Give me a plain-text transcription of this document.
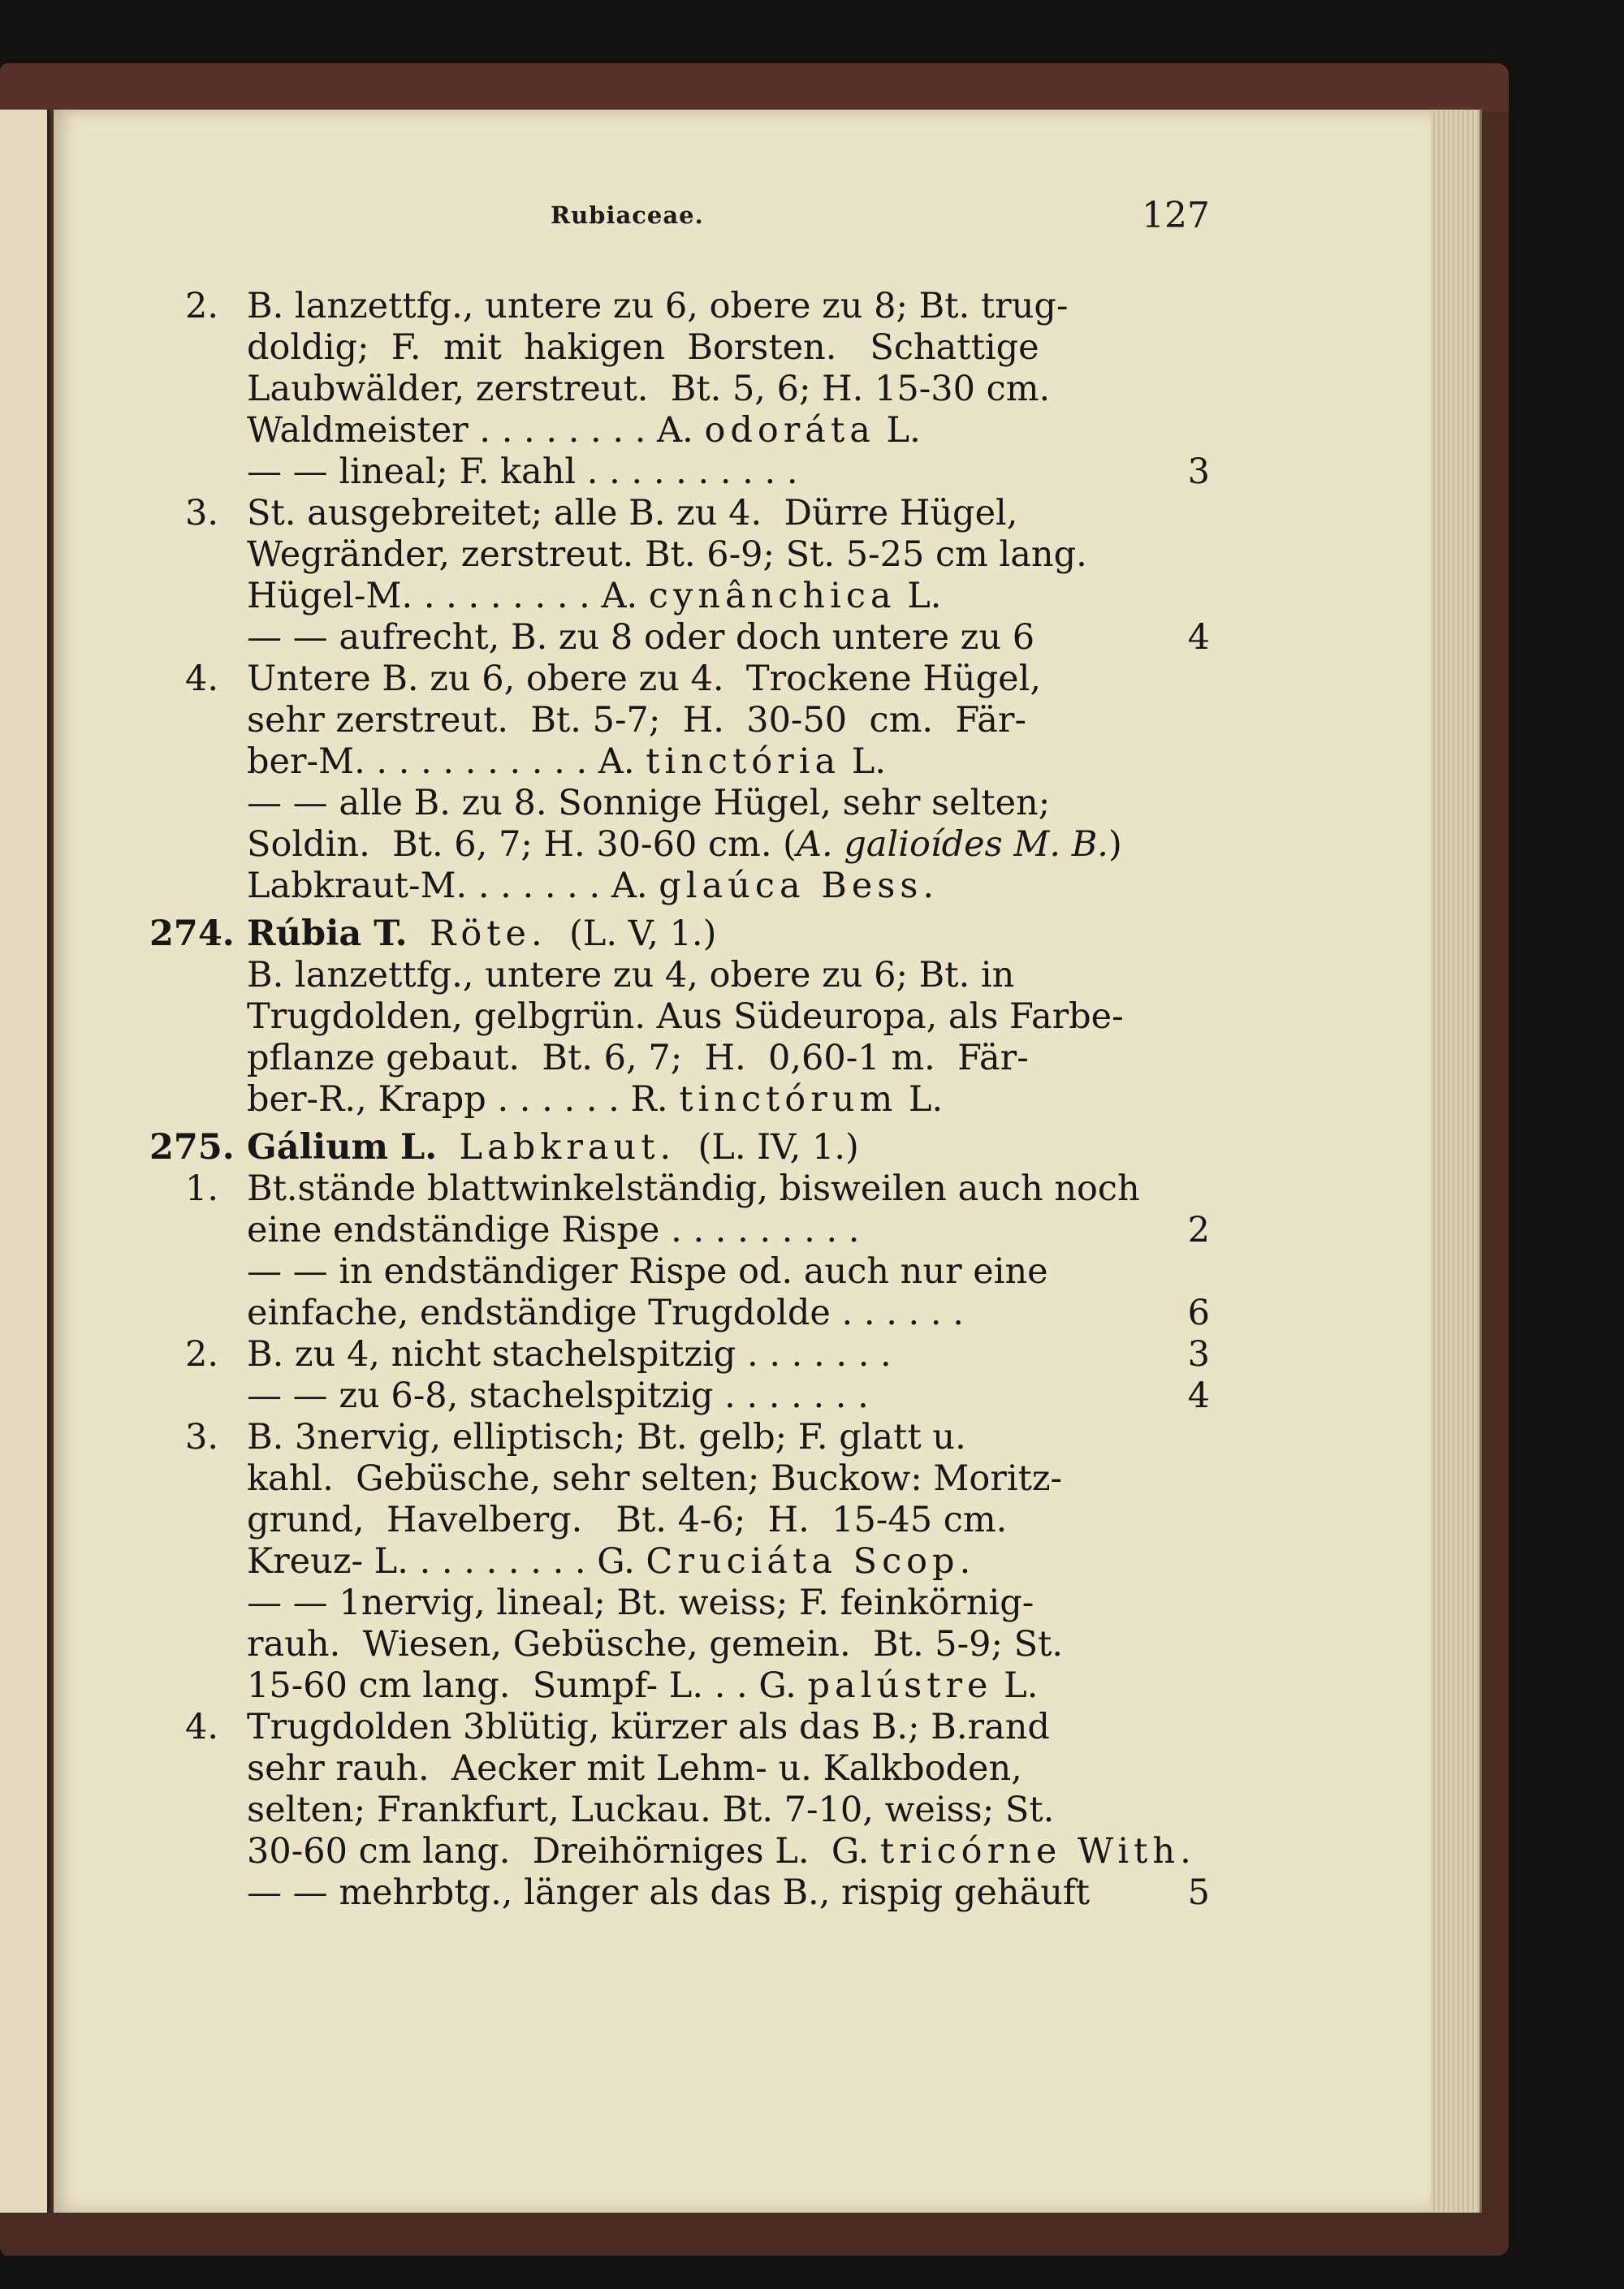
Rubiaceae.	127
2. B. lanzettfg., untere zu 6, obere zu 8; Bt. trug-
doldig;  F.  mit  hakigen  Borsten.   Schattige
Laubwälder, zerstreut.  Bt. 5, 6; H. 15-30 cm.
Waldmeister . . . . . . . . A. odoráta L.
— — lineal; F. kahl . . . . . . . . . .	3
3. St. ausgebreitet; alle B. zu 4.  Dürre Hügel,
Wegränder, zerstreut. Bt. 6-9; St. 5-25 cm lang.
Hügel-M. . . . . . . . . A. cynânchica L.
— — aufrecht, B. zu 8 oder doch untere zu 6	4
4. Untere B. zu 6, obere zu 4.  Trockene Hügel,
sehr zerstreut.  Bt. 5-7;  H.  30-50  cm.  Fär-
ber-M. . . . . . . . . . . A. tinctória L.
— — alle B. zu 8. Sonnige Hügel, sehr selten;
Soldin.  Bt. 6, 7; H. 30-60 cm. (A. galioídes M. B.)
Labkraut-M. . . . . . . A. glaúca Bess.
274. Rúbia T. Röte.  (L. V, 1.)
B. lanzettfg., untere zu 4, obere zu 6; Bt. in
Trugdolden, gelbgrün. Aus Südeuropa, als Farbe-
pflanze gebaut.  Bt. 6, 7;  H.  0,60-1 m.  Fär-
ber-R., Krapp . . . . . . R. tinctórum L.
275. Gálium L. Labkraut.  (L. IV, 1.)
1. Bt.stände blattwinkelständig, bisweilen auch noch
eine endständige Rispe . . . . . . . . .	2
— — in endständiger Rispe od. auch nur eine
einfache, endständige Trugdolde . . . . . .	6
2. B. zu 4, nicht stachelspitzig . . . . . . .	3
— — zu 6-8, stachelspitzig . . . . . . .	4
3. B. 3nervig, elliptisch; Bt. gelb; F. glatt u.
kahl.  Gebüsche, sehr selten; Buckow: Moritz-
grund,  Havelberg.   Bt. 4-6;  H.  15-45 cm.
Kreuz- L. . . . . . . . . G. Cruciáta Scop.
— — 1nervig, lineal; Bt. weiss; F. feinkörnig-
rauh.  Wiesen, Gebüsche, gemein.  Bt. 5-9; St.
15-60 cm lang.  Sumpf- L. . . G. palústre L.
4. Trugdolden 3blütig, kürzer als das B.; B.rand
sehr rauh.  Aecker mit Lehm- u. Kalkboden,
selten; Frankfurt, Luckau. Bt. 7-10, weiss; St.
30-60 cm lang.  Dreihörniges L.  G. tricórne With.
— — mehrbtg., länger als das B., rispig gehäuft	5
